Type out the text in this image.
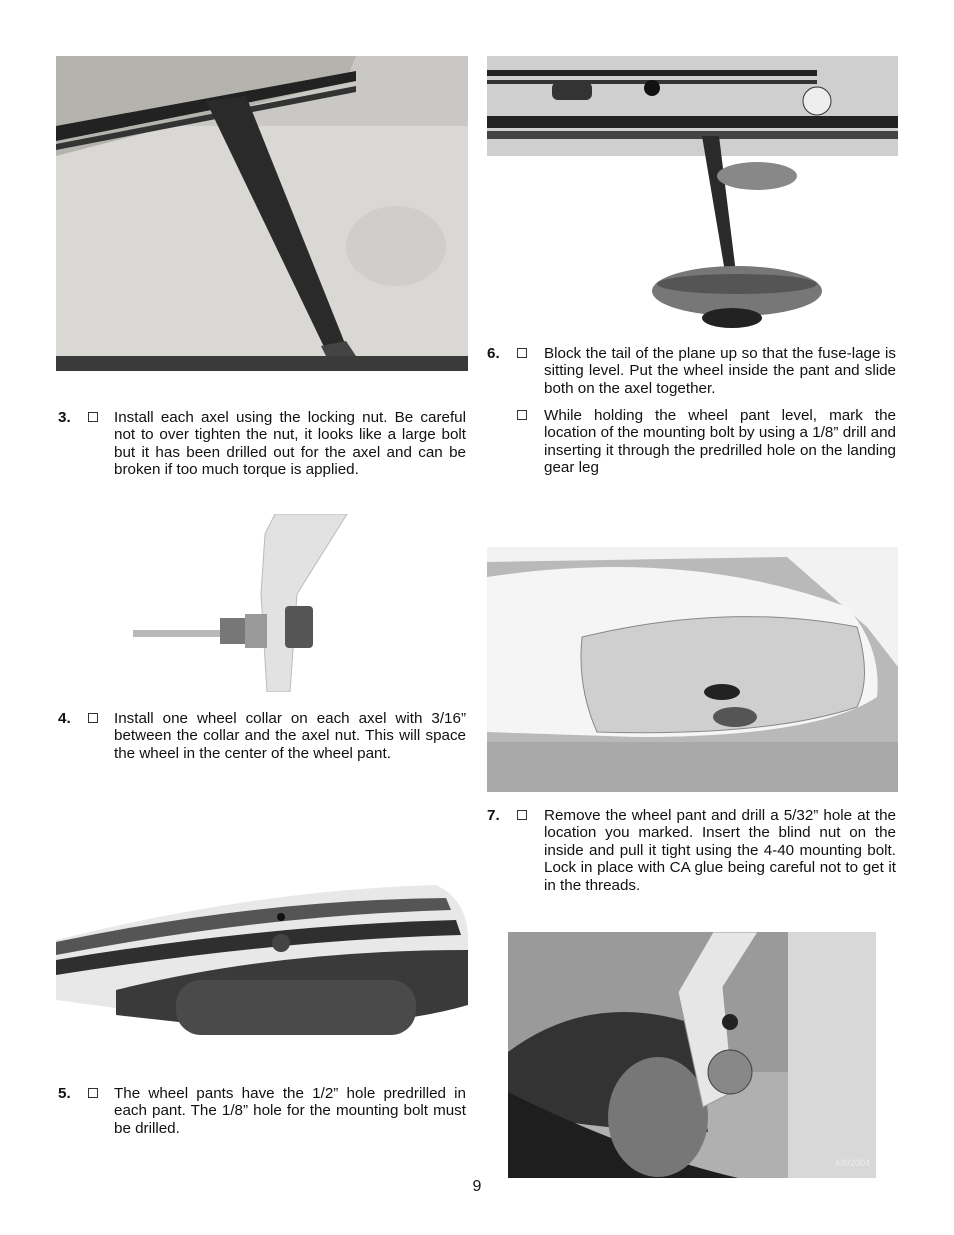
6.	Block the tail of the plane up so that the fuse-lage is sitting level. Put the wheel inside the pant and slide both on the axel together.
While holding the wheel pant level, mark the location of the mounting bolt by using a 1/8” drill and inserting it through the predrilled hole on the landing gear leg
3.	Install each axel using the locking nut. Be careful not to over tighten the nut, it looks like a large bolt but it has been drilled out for the axel and can be broken if too much torque is applied.
4.	Install one wheel collar on each axel with 3/16” between the collar and the axel nut. This will space the wheel in the center of the wheel pant.
7.	Remove the wheel pant and drill a 5/32” hole at the location you marked. Insert the blind nut on the inside and pull it tight using the 4-40 mounting bolt. Lock in place with CA glue being careful not to get it in the threads.
4/6/2004
5.	The wheel pants have the 1/2” hole predrilled in each pant. The 1/8” hole for the mounting bolt must be drilled.
9
